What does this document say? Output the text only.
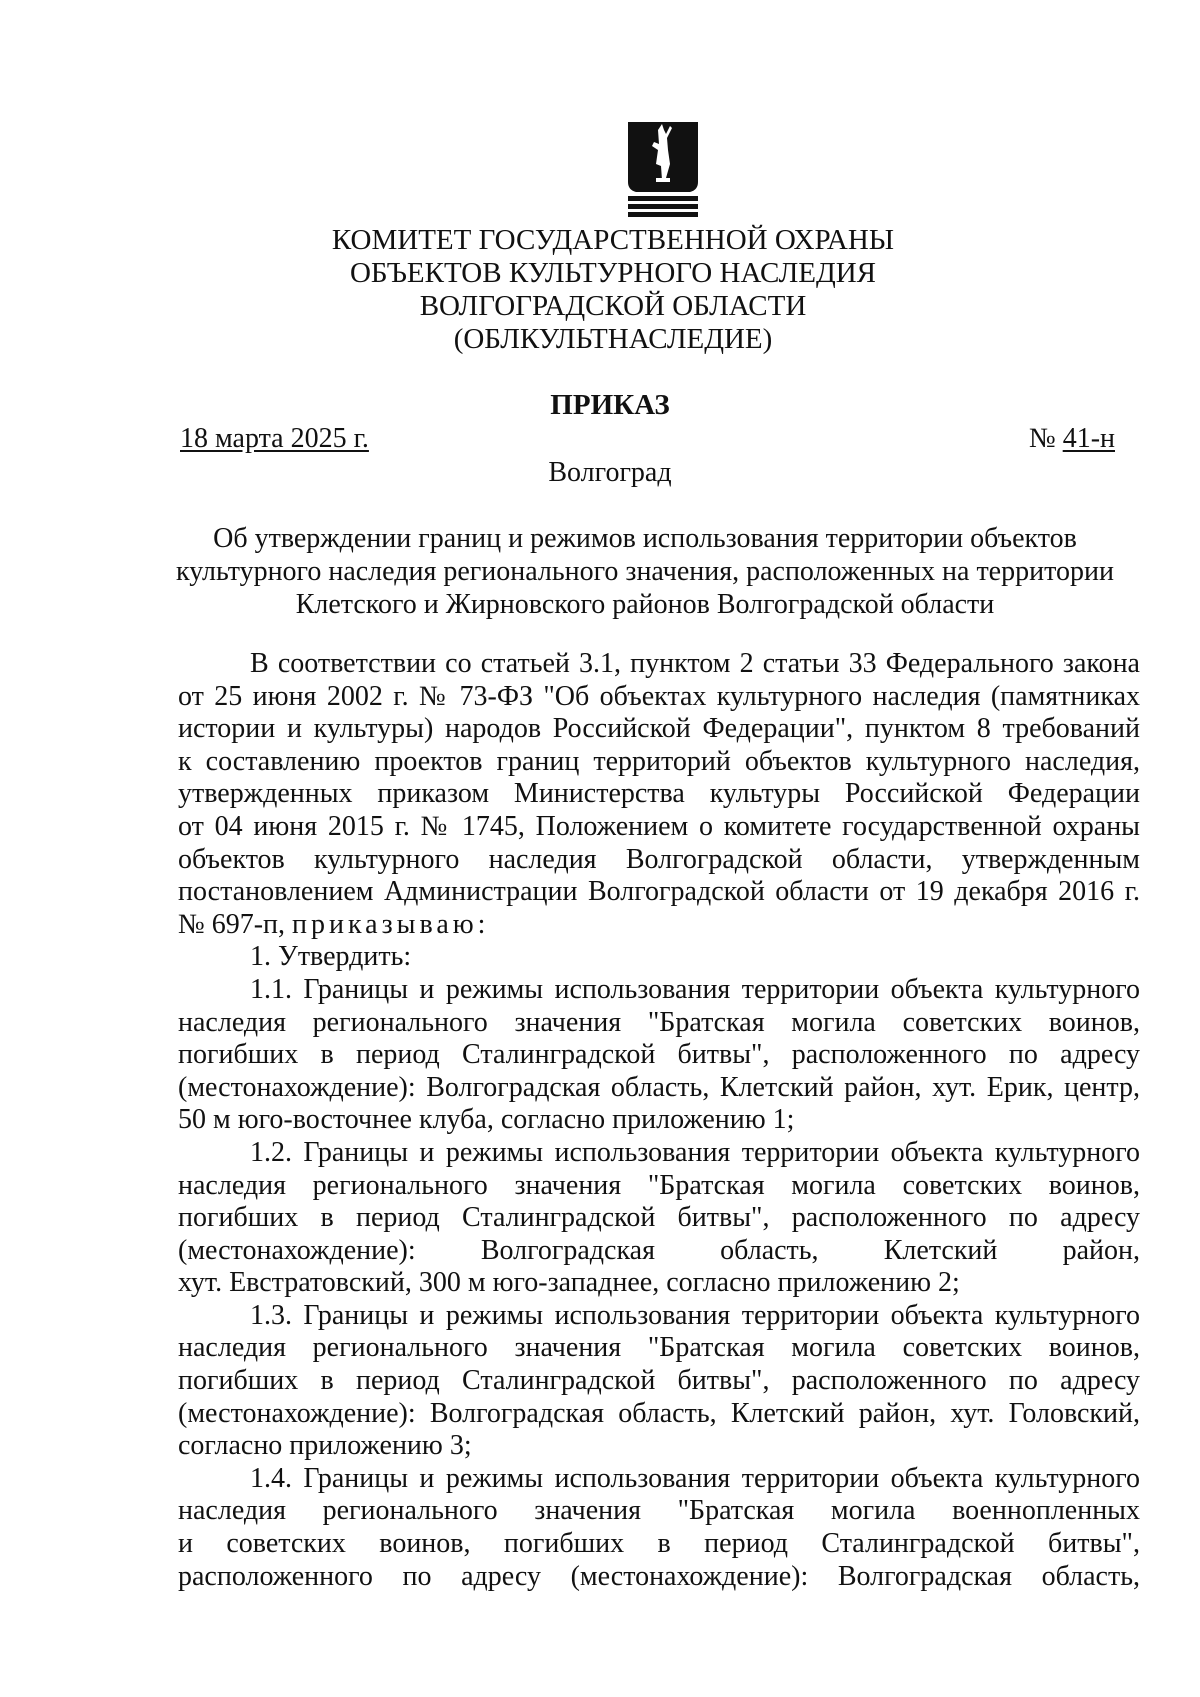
КОМИТЕТ ГОСУДАРСТВЕННОЙ ОХРАНЫ
ОБЪЕКТОВ КУЛЬТУРНОГО НАСЛЕДИЯ
ВОЛГОГРАДСКОЙ ОБЛАСТИ
(ОБЛКУЛЬТНАСЛЕДИЕ)
ПРИКАЗ
18 марта 2025 г.	№ 41-н
Волгоград
Об утверждении границ и режимов использования территории объектов
культурного наследия регионального значения, расположенных на территории
Клетского и Жирновского районов Волгоградской области
В соответствии со статьей 3.1, пунктом 2 статьи 33 Федерального закона
от 25 июня 2002 г. № 73-ФЗ "Об объектах культурного наследия (памятниках
истории и культуры) народов Российской Федерации", пунктом 8 требований
к составлению проектов границ территорий объектов культурного наследия,
утвержденных приказом Министерства культуры Российской Федерации
от 04 июня 2015 г. № 1745, Положением о комитете государственной охраны
объектов культурного наследия Волгоградской области, утвержденным
постановлением Администрации Волгоградской области от 19 декабря 2016 г.
№ 697-п, приказываю:
1. Утвердить:
1.1. Границы и режимы использования территории объекта культурного
наследия регионального значения "Братская могила советских воинов,
погибших в период Сталинградской битвы", расположенного по адресу
(местонахождение): Волгоградская область, Клетский район, хут. Ерик, центр,
50 м юго-восточнее клуба, согласно приложению 1;
1.2. Границы и режимы использования территории объекта культурного
наследия регионального значения "Братская могила советских воинов,
погибших в период Сталинградской битвы", расположенного по адресу
(местонахождение): Волгоградская область, Клетский район,
хут. Евстратовский, 300 м юго-западнее, согласно приложению 2;
1.3. Границы и режимы использования территории объекта культурного
наследия регионального значения "Братская могила советских воинов,
погибших в период Сталинградской битвы", расположенного по адресу
(местонахождение): Волгоградская область, Клетский район, хут. Головский,
согласно приложению 3;
1.4. Границы и режимы использования территории объекта культурного
наследия регионального значения "Братская могила военнопленных
и советских воинов, погибших в период Сталинградской битвы",
расположенного по адресу (местонахождение): Волгоградская область,
